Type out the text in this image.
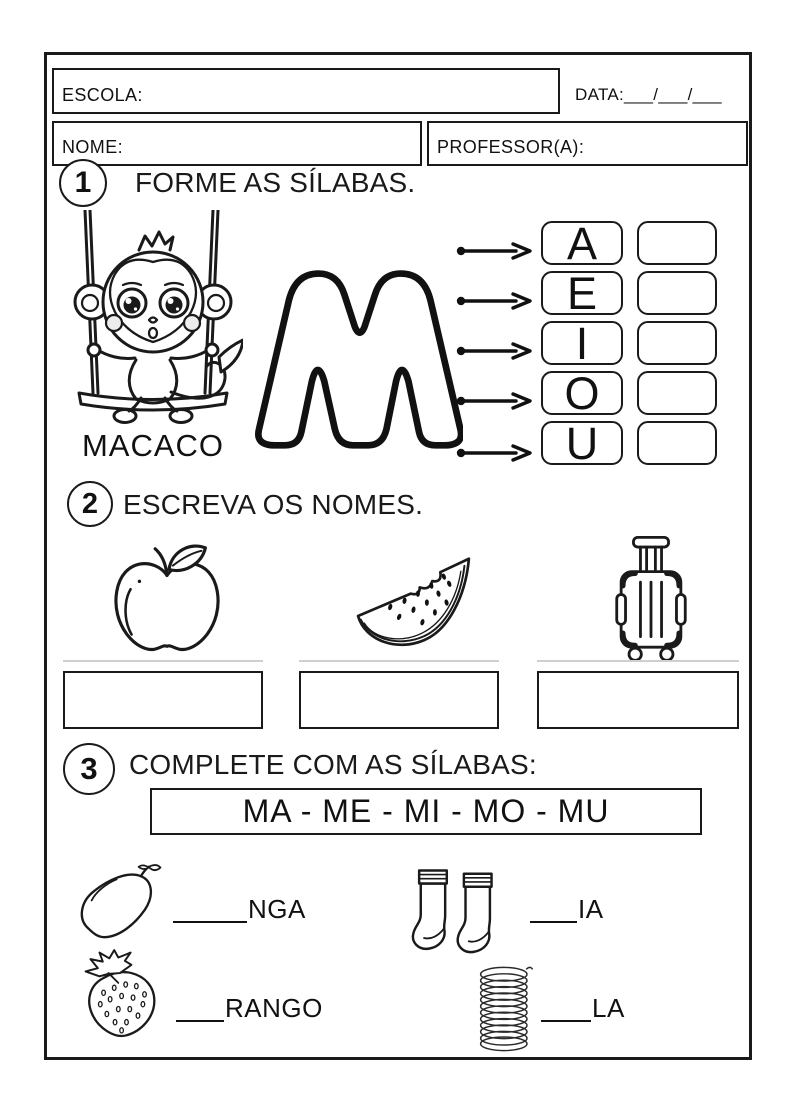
ESCOLA:	DATA:___/___/___
NOME:	PROFESSOR(A):
1 FORME AS SÍLABAS.
MACACO
A
E
I
O
U
2 ESCREVA OS NOMES.
3 COMPLETE COM AS SÍLABAS:
MA - ME - MI - MO - MU
NGA	IA
RANGO	LA
